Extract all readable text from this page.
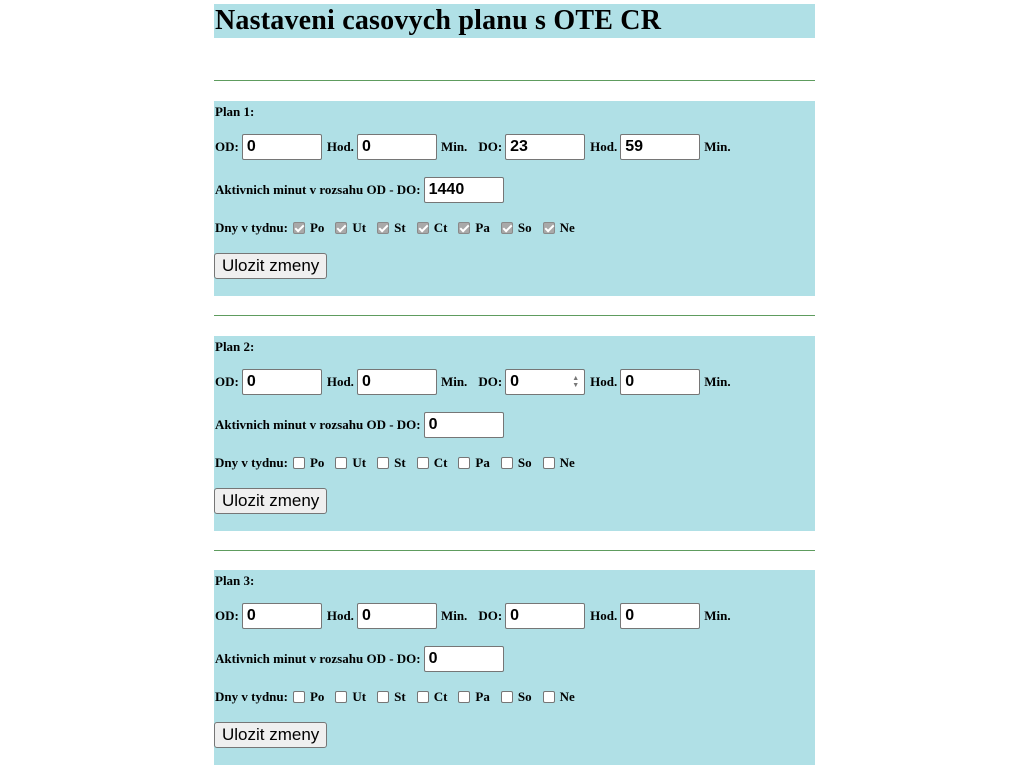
Nastaveni casovych planu s OTE CR
Plan 1:
OD: 0	Hod. 0	Min. DO: 23	Hod. 59	Min.
Aktivnich minut v rozsahu OD - DO: 1440
Dny v tydnu: Po Ut St Ct Pa So Ne
Ulozit zmeny
Plan 2:
OD: 0	Hod. 0	Min. DO: 0	▲
▼ Hod. 0	Min.
Aktivnich minut v rozsahu OD - DO: 0
Dny v tydnu: Po Ut St Ct Pa So Ne
Ulozit zmeny
Plan 3:
OD: 0	Hod. 0	Min. DO: 0	Hod. 0	Min.
Aktivnich minut v rozsahu OD - DO: 0
Dny v tydnu: Po Ut St Ct Pa So Ne
Ulozit zmeny
